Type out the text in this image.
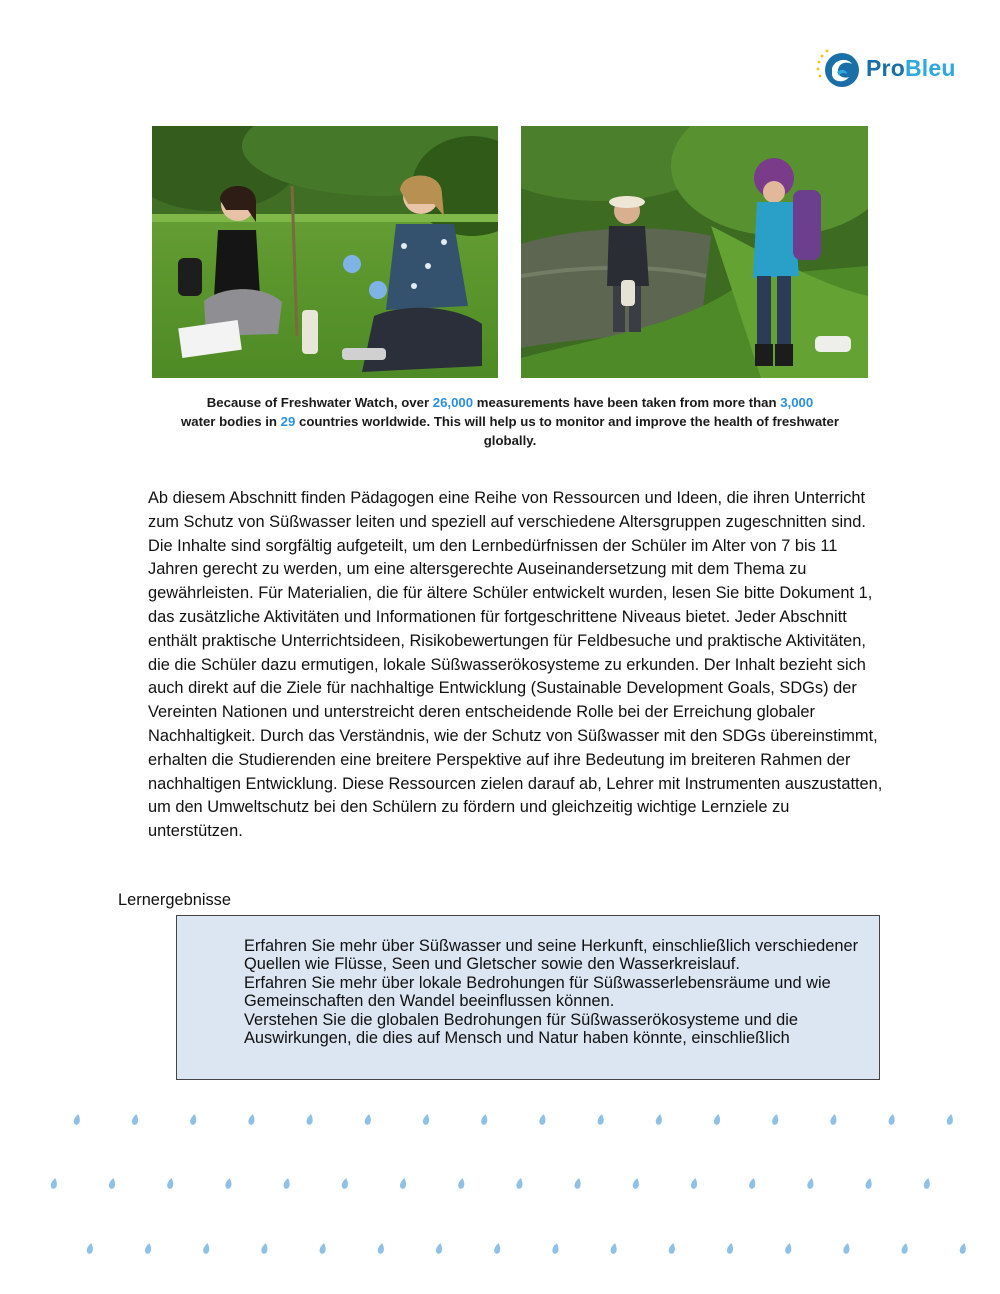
ProBleu
Because of Freshwater Watch, over 26,000 measurements have been taken from more than 3,000
water bodies in 29 countries worldwide. This will help us to monitor and improve the health of freshwater globally.

Ab diesem Abschnitt finden Pädagogen eine Reihe von Ressourcen und Ideen, die ihren Unterricht zum Schutz von Süßwasser leiten und speziell auf verschiedene Altersgruppen zugeschnitten sind. Die Inhalte sind sorgfältig aufgeteilt, um den Lernbedürfnissen der Schüler im Alter von 7 bis 11 Jahren gerecht zu werden, um eine altersgerechte Auseinandersetzung mit dem Thema zu gewährleisten. Für Materialien, die für ältere Schüler entwickelt wurden, lesen Sie bitte Dokument 1, das zusätzliche Aktivitäten und Informationen für fortgeschrittene Niveaus bietet. Jeder Abschnitt enthält praktische Unterrichtsideen, Risikobewertungen für Feldbesuche und praktische Aktivitäten, die die Schüler dazu ermutigen, lokale Süßwasserökosysteme zu erkunden. Der Inhalt bezieht sich auch direkt auf die Ziele für nachhaltige Entwicklung (Sustainable Development Goals, SDGs) der Vereinten Nationen und unterstreicht deren entscheidende Rolle bei der Erreichung globaler Nachhaltigkeit. Durch das Verständnis, wie der Schutz von Süßwasser mit den SDGs übereinstimmt, erhalten die Studierenden eine breitere Perspektive auf ihre Bedeutung im breiteren Rahmen der nachhaltigen Entwicklung. Diese Ressourcen zielen darauf ab, Lehrer mit Instrumenten auszustatten, um den Umweltschutz bei den Schülern zu fördern und gleichzeitig wichtige Lernziele zu unterstützen.

Lernergebnisse
Erfahren Sie mehr über Süßwasser und seine Herkunft, einschließlich verschiedener Quellen wie Flüsse, Seen und Gletscher sowie den Wasserkreislauf.
Erfahren Sie mehr über lokale Bedrohungen für Süßwasserlebensräume und wie Gemeinschaften den Wandel beeinflussen können.
Verstehen Sie die globalen Bedrohungen für Süßwasserökosysteme und die Auswirkungen, die dies auf Mensch und Natur haben könnte, einschließlich
